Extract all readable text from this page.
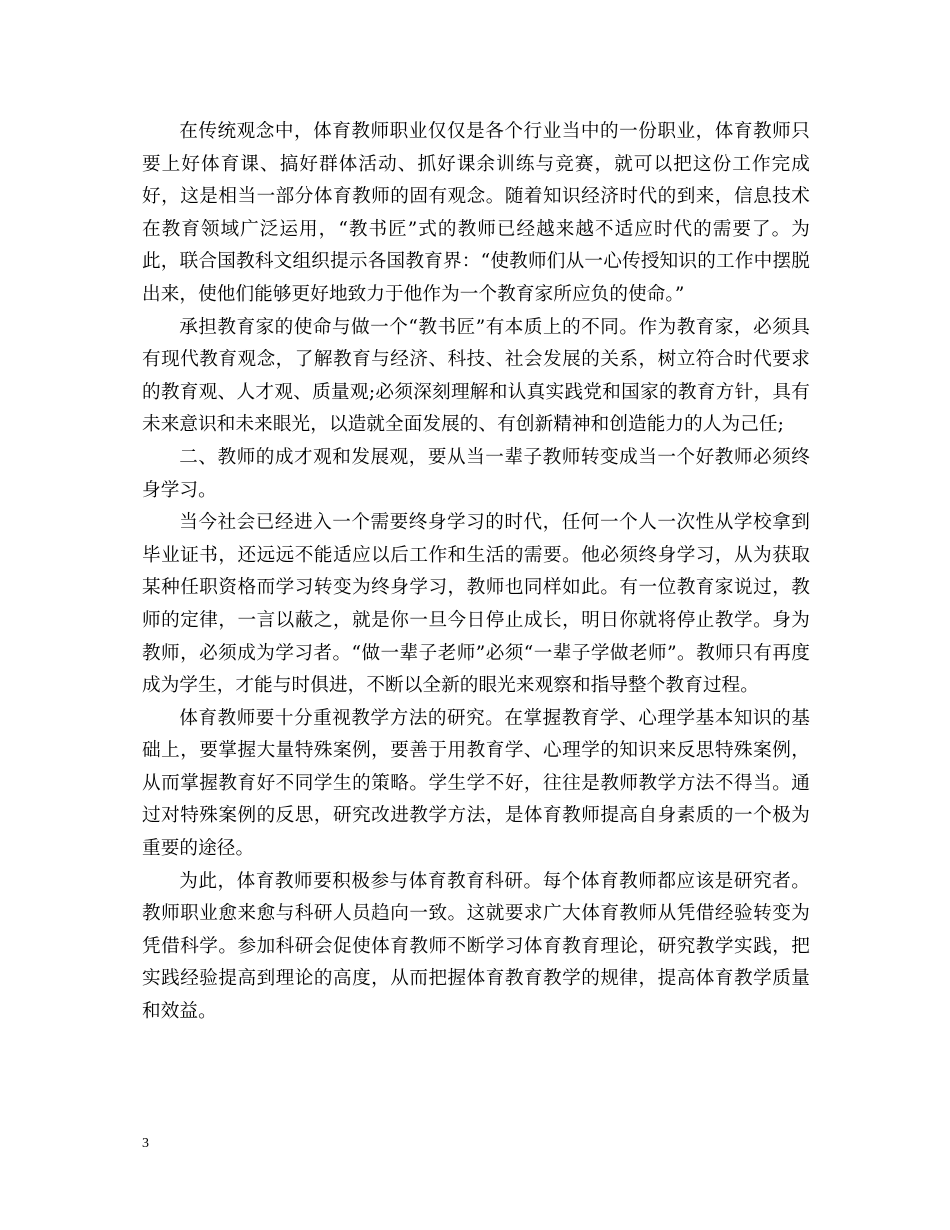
在传统观念中，体育教师职业仅仅是各个行业当中的一份职业，体育教师只要上好体育课、搞好群体活动、抓好课余训练与竞赛，就可以把这份工作完成好，这是相当一部分体育教师的固有观念。随着知识经济时代的到来，信息技术在教育领域广泛运用，“教书匠”式的教师已经越来越不适应时代的需要了。为此，联合国教科文组织提示各国教育界：“使教师们从一心传授知识的工作中摆脱出来，使他们能够更好地致力于他作为一个教育家所应负的使命。”

承担教育家的使命与做一个“教书匠”有本质上的不同。作为教育家，必须具有现代教育观念，了解教育与经济、科技、社会发展的关系，树立符合时代要求的教育观、人才观、质量观;必须深刻理解和认真实践党和国家的教育方针，具有未来意识和未来眼光，以造就全面发展的、有创新精神和创造能力的人为己任;

二、教师的成才观和发展观，要从当一辈子教师转变成当一个好教师必须终身学习。

当今社会已经进入一个需要终身学习的时代，任何一个人一次性从学校拿到毕业证书，还远远不能适应以后工作和生活的需要。他必须终身学习，从为获取某种任职资格而学习转变为终身学习，教师也同样如此。有一位教育家说过，教师的定律，一言以蔽之，就是你一旦今日停止成长，明日你就将停止教学。身为教师，必须成为学习者。“做一辈子老师”必须“一辈子学做老师”。教师只有再度成为学生，才能与时俱进，不断以全新的眼光来观察和指导整个教育过程。

体育教师要十分重视教学方法的研究。在掌握教育学、心理学基本知识的基础上，要掌握大量特殊案例，要善于用教育学、心理学的知识来反思特殊案例，从而掌握教育好不同学生的策略。学生学不好，往往是教师教学方法不得当。通过对特殊案例的反思，研究改进教学方法，是体育教师提高自身素质的一个极为重要的途径。

为此，体育教师要积极参与体育教育科研。每个体育教师都应该是研究者。教师职业愈来愈与科研人员趋向一致。这就要求广大体育教师从凭借经验转变为凭借科学。参加科研会促使体育教师不断学习体育教育理论，研究教学实践，把实践经验提高到理论的高度，从而把握体育教育教学的规律，提高体育教学质量和效益。

3
